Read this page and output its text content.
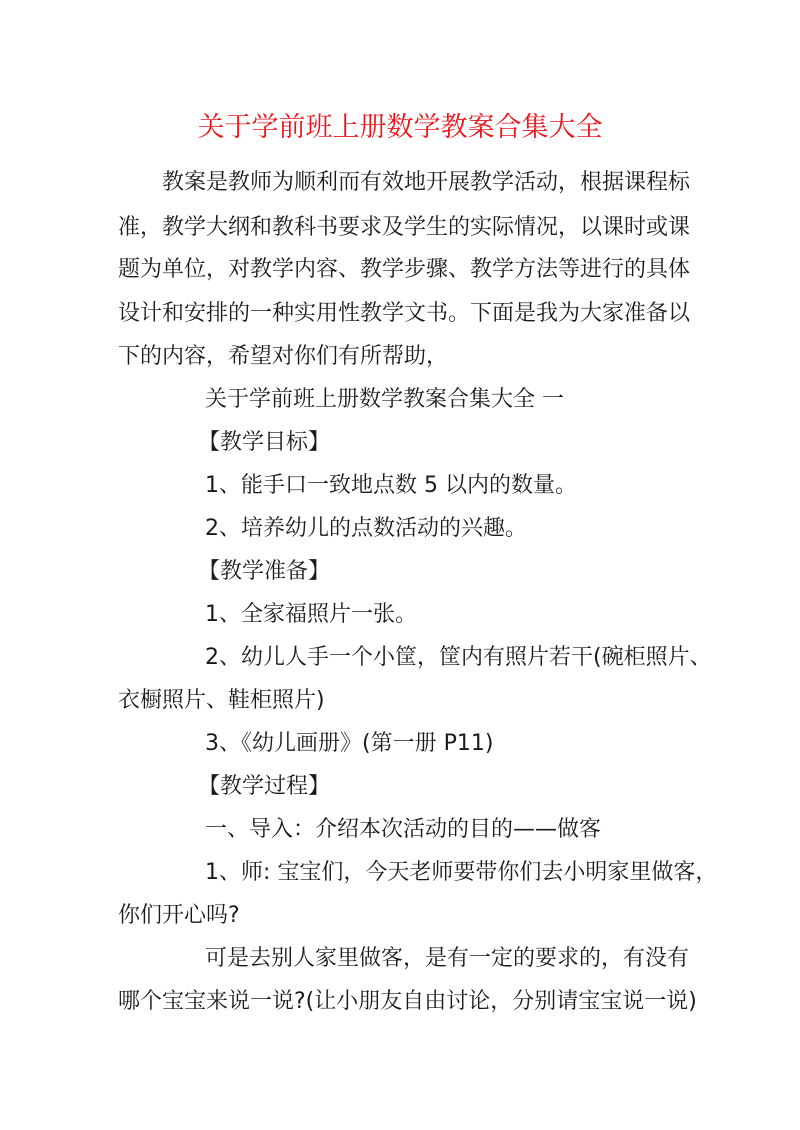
关于学前班上册数学教案合集大全
教案是教师为顺利而有效地开展教学活动，根据课程标
准，教学大纲和教科书要求及学生的实际情况，以课时或课
题为单位，对教学内容、教学步骤、教学方法等进行的具体
设计和安排的一种实用性教学文书。下面是我为大家准备以
下的内容，希望对你们有所帮助，
关于学前班上册数学教案合集大全 一
【教学目标】
1、能手口一致地点数 5 以内的数量。
2、培养幼儿的点数活动的兴趣。
【教学准备】
1、全家福照片一张。
2、幼儿人手一个小筐，筐内有照片若干(碗柜照片、
衣橱照片、鞋柜照片)
3、《幼儿画册》(第一册 P11)
【教学过程】
一、导入：介绍本次活动的目的——做客
1、师: 宝宝们，今天老师要带你们去小明家里做客，
你们开心吗?
可是去别人家里做客，是有一定的要求的，有没有
哪个宝宝来说一说?(让小朋友自由讨论，分别请宝宝说一说)
